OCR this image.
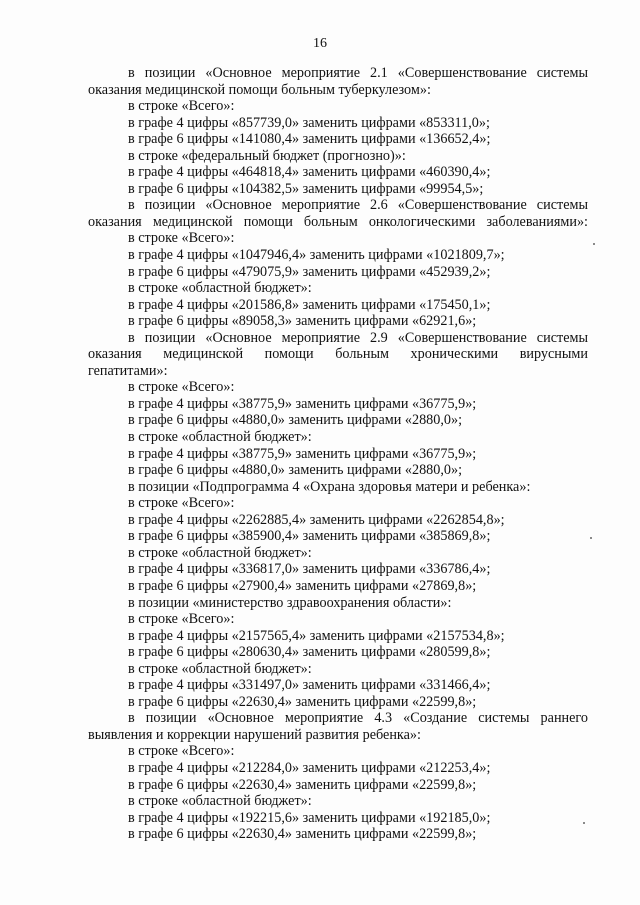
16
в позиции «Основное мероприятие 2.1 «Совершенствование системы
оказания медицинской помощи больным туберкулезом»:
в строке «Всего»:
в графе 4 цифры «857739,0» заменить цифрами «853311,0»;
в графе 6 цифры «141080,4» заменить цифрами «136652,4»;
в строке «федеральный бюджет (прогнозно)»:
в графе 4 цифры «464818,4» заменить цифрами «460390,4»;
в графе 6 цифры «104382,5» заменить цифрами «99954,5»;
в позиции «Основное мероприятие 2.6 «Совершенствование системы
оказания медицинской помощи больным онкологическими заболеваниями»:
в строке «Всего»:
в графе 4 цифры «1047946,4» заменить цифрами «1021809,7»;
в графе 6 цифры «479075,9» заменить цифрами «452939,2»;
в строке «областной бюджет»:
в графе 4 цифры «201586,8» заменить цифрами «175450,1»;
в графе 6 цифры «89058,3» заменить цифрами «62921,6»;
в позиции «Основное мероприятие 2.9 «Совершенствование системы
оказания медицинской помощи больным хроническими вирусными
гепатитами»:
в строке «Всего»:
в графе 4 цифры «38775,9» заменить цифрами «36775,9»;
в графе 6 цифры «4880,0» заменить цифрами «2880,0»;
в строке «областной бюджет»:
в графе 4 цифры «38775,9» заменить цифрами «36775,9»;
в графе 6 цифры «4880,0» заменить цифрами «2880,0»;
в позиции «Подпрограмма 4 «Охрана здоровья матери и ребенка»:
в строке «Всего»:
в графе 4 цифры «2262885,4» заменить цифрами «2262854,8»;
в графе 6 цифры «385900,4» заменить цифрами «385869,8»;
в строке «областной бюджет»:
в графе 4 цифры «336817,0» заменить цифрами «336786,4»;
в графе 6 цифры «27900,4» заменить цифрами «27869,8»;
в позиции «министерство здравоохранения области»:
в строке «Всего»:
в графе 4 цифры «2157565,4» заменить цифрами «2157534,8»;
в графе 6 цифры «280630,4» заменить цифрами «280599,8»;
в строке «областной бюджет»:
в графе 4 цифры «331497,0» заменить цифрами «331466,4»;
в графе 6 цифры «22630,4» заменить цифрами «22599,8»;
в позиции «Основное мероприятие 4.3 «Создание системы раннего
выявления и коррекции нарушений развития ребенка»:
в строке «Всего»:
в графе 4 цифры «212284,0» заменить цифрами «212253,4»;
в графе 6 цифры «22630,4» заменить цифрами «22599,8»;
в строке «областной бюджет»:
в графе 4 цифры «192215,6» заменить цифрами «192185,0»;
в графе 6 цифры «22630,4» заменить цифрами «22599,8»;
